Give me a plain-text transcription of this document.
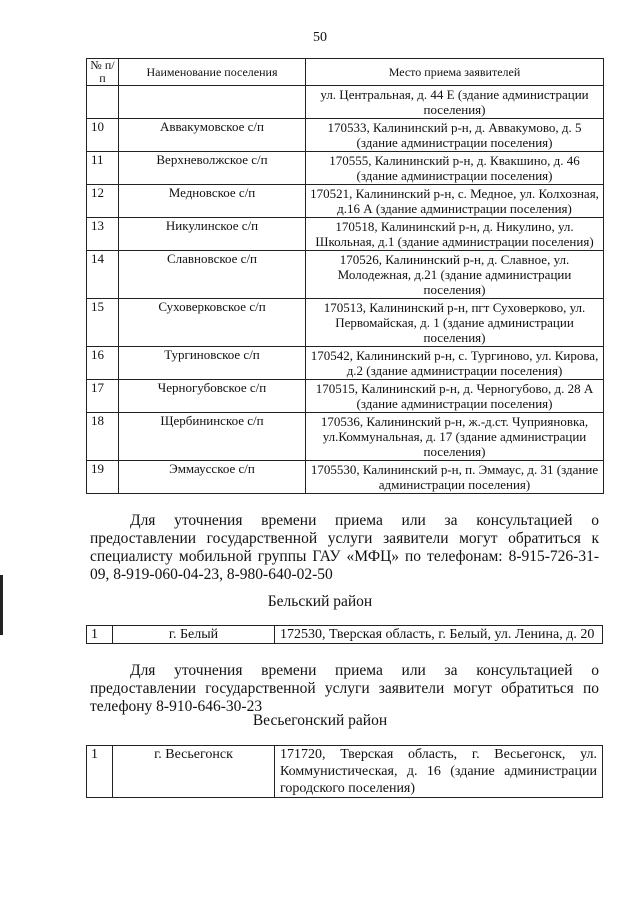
50
№ п/п	Наименование поселения	Место приема заявителей
		ул. Центральная, д. 44 Е (здание администрации поселения)
10	Аввакумовское с/п	170533, Калининский р-н, д. Аввакумово, д. 5 (здание администрации поселения)
11	Верхневолжское с/п	170555, Калининский р-н, д. Квакшино, д. 46 (здание администрации поселения)
12	Медновское с/п	170521, Калининский р-н, с. Медное, ул. Колхозная, д.16 А (здание администрации поселения)
13	Никулинское с/п	170518, Калининский р-н, д. Никулино, ул. Школьная, д.1 (здание администрации поселения)
14	Славновское с/п	170526, Калининский р-н, д. Славное, ул. Молодежная, д.21 (здание администрации поселения)
15	Суховерковское с/п	170513, Калининский р-н, пгт Суховерково, ул. Первомайская, д. 1 (здание администрации поселения)
16	Тургиновское с/п	170542, Калининский р-н, с. Тургиново, ул. Кирова, д.2 (здание администрации поселения)
17	Черногубовское с/п	170515, Калининский р-н, д. Черногубово, д. 28 А (здание администрации поселения)
18	Щербининское с/п	170536, Калининский р-н, ж.-д.ст. Чуприяновка, ул.Коммунальная, д. 17 (здание администрации поселения)
19	Эммаусское с/п	1705530, Калининский р-н, п. Эммаус, д. 31 (здание администрации поселения)

Для уточнения времени приема или за консультацией о предоставлении государственной услуги заявители могут обратиться к специалисту мобильной группы ГАУ «МФЦ» по телефонам: 8-915-726-31-09, 8-919-060-04-23, 8-980-640-02-50

Бельский район
1	г. Белый	172530, Тверская область, г. Белый, ул. Ленина, д. 20

Для уточнения времени приема или за консультацией о предоставлении государственной услуги заявители могут обратиться по телефону 8-910-646-30-23

Весьегонский район
1	г. Весьегонск	171720, Тверская область, г. Весьегонск, ул. Коммунистическая, д. 16 (здание администрации городского поселения)
